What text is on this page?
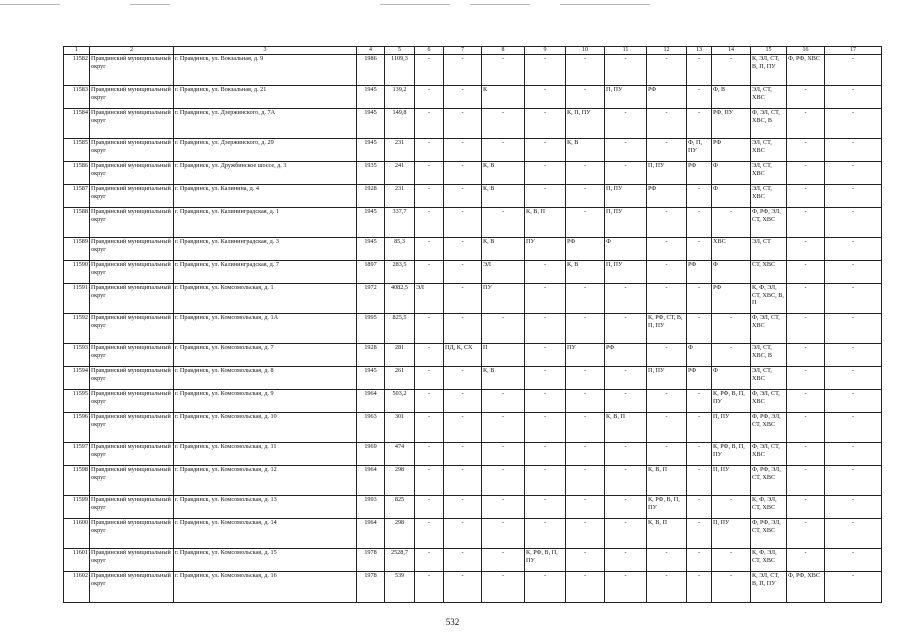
1	2	3	4	5	6	7	8	9	10	11	12	13	14	15	16	17
11582	Правдинский муниципальный округ	г. Правдинск, ул. Вокзальная, д. 9	1986	1109,3	-	-	-	-	-	-	-	-	-	К, ЭЛ, СТ, В, П, ПУ	Ф, РФ, ХВС	-
11583	Правдинский муниципальный округ	г. Правдинск, ул. Вокзальная, д. 21	1945	139,2	-	-	К	-	-	П, ПУ	РФ	-	Ф, В	ЭЛ, СТ, ХВС	-	-
11584	Правдинский муниципальный округ	г. Правдинск, ул. Дзержинского, д. 7А	1945	149,8	-	-	-	-	К, П, ПУ	-	-	-	РФ, ПУ	Ф, ЭЛ, СТ, ХВС, В	-	-
11585	Правдинский муниципальный округ	г. Правдинск, ул. Дзержинского, д. 29	1945	231	-	-	-	-	К, В	-	-	Ф, П, ПУ	РФ	ЭЛ, СТ, ХВС	-	-
11586	Правдинский муниципальный округ	г. Правдинск, ул. Дружбинское шоссе, д. 3	1935	241	-	-	К, В	-	-	-	П, ПУ	РФ	Ф	ЭЛ, СТ, ХВС	-	-
11587	Правдинский муниципальный округ	г. Правдинск, ул. Калинина, д. 4	1928	231	-	-	К, В	-	-	П, ПУ	РФ	-	Ф	ЭЛ, СТ, ХВС	-	-
11588	Правдинский муниципальный округ	г. Правдинск, ул. Калининградская, д. 1	1945	337,7	-	-	-	К, В, П	-	П, ПУ	-	-	-	Ф, РФ, ЭЛ, СТ, ХВС	-	-
11589	Правдинский муниципальный округ	г. Правдинск, ул. Калининградская, д. 3	1945	85,3	-	-	К, В	ПУ	РФ	Ф	-	-	ХВС	ЭЛ, СТ	-	-
11590	Правдинский муниципальный округ	г. Правдинск, ул. Калининградская, д. 7	1897	283,5	-	-	ЭЛ	-	К, В	П, ПУ	-	РФ	Ф	СТ, ХВС	-	-
11591	Правдинский муниципальный округ	г. Правдинск, ул. Комсомольская, д. 1	1972	4082,5	ЭЛ	-	ПУ	-	-	-	-	-	РФ	К, Ф, ЭЛ, СТ, ХВС, В, П	-	-
11592	Правдинский муниципальный округ	г. Правдинск, ул. Комсомольская, д. 1А	1995	825,5	-	-	-	-	-	-	К, РФ, СТ, В, П, ПУ	-	-	Ф, ЭЛ, СТ, ХВС	-	-
11593	Правдинский муниципальный округ	г. Правдинск, ул. Комсомольская, д. 7	1928	281	-	ПД, К, СХ	П	-	ПУ	РФ	-	Ф	-	ЭЛ, СТ, ХВС, В	-	-
11594	Правдинский муниципальный округ	г. Правдинск, ул. Комсомольская, д. 8	1945	261	-	-	К, В	-	-	-	П, ПУ	РФ	Ф	ЭЛ, СТ, ХВС	-	-
11595	Правдинский муниципальный округ	г. Правдинск, ул. Комсомольская, д. 9	1964	503,2	-	-	-	-	-	-	-	-	К, РФ, В, П, ПУ	Ф, ЭЛ, СТ, ХВС	-	-
11596	Правдинский муниципальный округ	г. Правдинск, ул. Комсомольская, д. 10	1963	301	-	-	-	-	-	К, В, П	-	-	П, ПУ	Ф, РФ, ЭЛ, СТ, ХВС	-	-
11597	Правдинский муниципальный округ	г. Правдинск, ул. Комсомольская, д. 11	1969	474	-	-	-	-	-	-	-	-	К, РФ, В, П, ПУ	Ф, ЭЛ, СТ, ХВС	-	-
11598	Правдинский муниципальный округ	г. Правдинск, ул. Комсомольская, д. 12	1964	298	-	-	-	-	-	-	К, В, П	-	П, ПУ	Ф, РФ, ЭЛ, СТ, ХВС	-	-
11599	Правдинский муниципальный округ	г. Правдинск, ул. Комсомольская, д. 13	1993	825	-	-	-	-	-	-	К, РФ, В, П, ПУ	-	-	К, Ф, ЭЛ, СТ, ХВС	-	-
11600	Правдинский муниципальный округ	г. Правдинск, ул. Комсомольская, д. 14	1964	298	-	-	-	-	-	-	К, В, П	-	П, ПУ	Ф, РФ, ЭЛ, СТ, ХВС	-	-
11601	Правдинский муниципальный округ	г. Правдинск, ул. Комсомольская, д. 15	1978	2528,7	-	-	-	К, РФ, В, П, ПУ	-	-	-	-	-	К, Ф, ЭЛ, СТ, ХВС	-	-
11602	Правдинский муниципальный округ	г. Правдинск, ул. Комсомольская, д. 16	1978	539	-	-	-	-	-	-	-	-	-	К, ЭЛ, СТ, В, П, ПУ	Ф, РФ, ХВС	-
532
